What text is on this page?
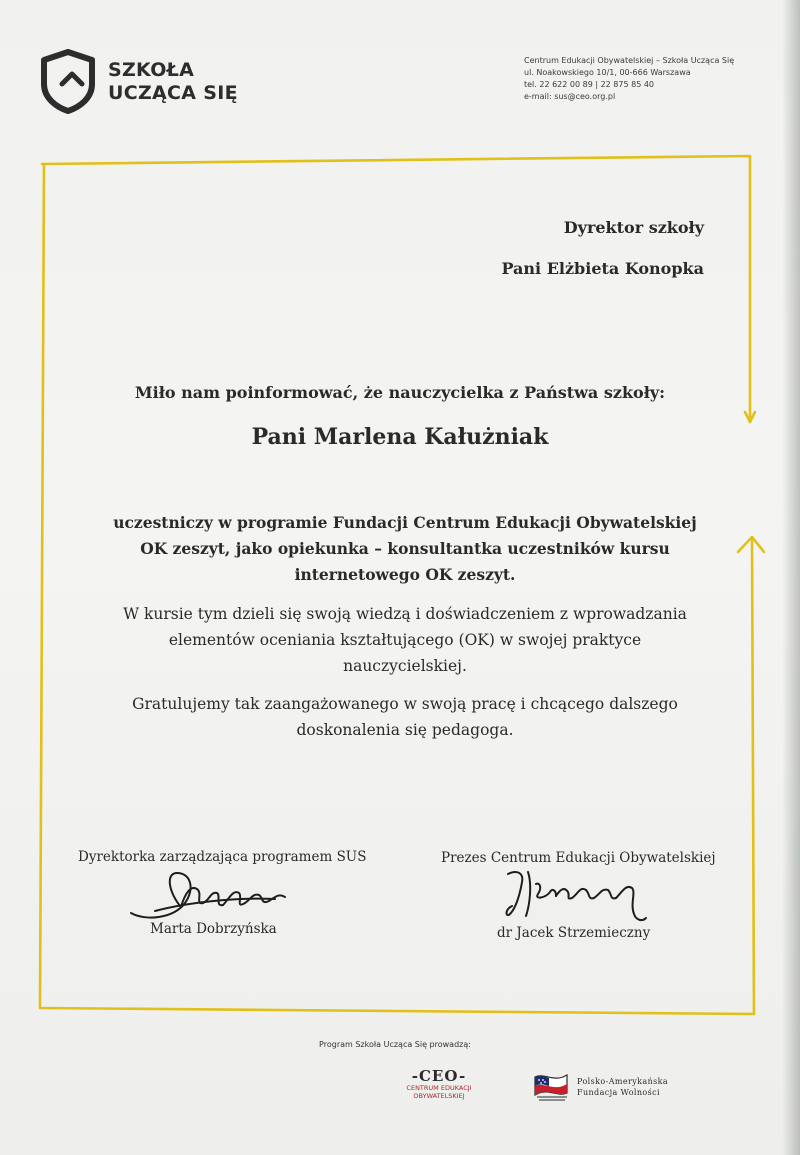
SZKOŁA
UCZĄCA SIĘ
Centrum Edukacji Obywatelskiej – Szkoła Ucząca Się
ul. Noakowskiego 10/1, 00-666 Warszawa
tel. 22 622 00 89 | 22 875 85 40
e-mail: sus@ceo.org.pl
Dyrektor szkoły
Pani Elżbieta Konopka
Miło nam poinformować, że nauczycielka z Państwa szkoły:
Pani Marlena Kałużniak
uczestniczy w programie Fundacji Centrum Edukacji Obywatelskiej
OK zeszyt, jako opiekunka – konsultantka uczestników kursu
internetowego OK zeszyt.
W kursie tym dzieli się swoją wiedzą i doświadczeniem z wprowadzania
elementów oceniania kształtującego (OK) w swojej praktyce
nauczycielskiej.
Gratulujemy tak zaangażowanego w swoją pracę i chcącego dalszego
doskonalenia się pedagoga.
Dyrektorka zarządzająca programem SUS
Marta Dobrzyńska
Prezes Centrum Edukacji Obywatelskiej
dr Jacek Strzemieczny
Program Szkoła Ucząca Się prowadzą:
-CEO-
CENTRUM EDUKACJI
OBYWATELSKIEJ
Polsko-Amerykańska
Fundacja Wolności
